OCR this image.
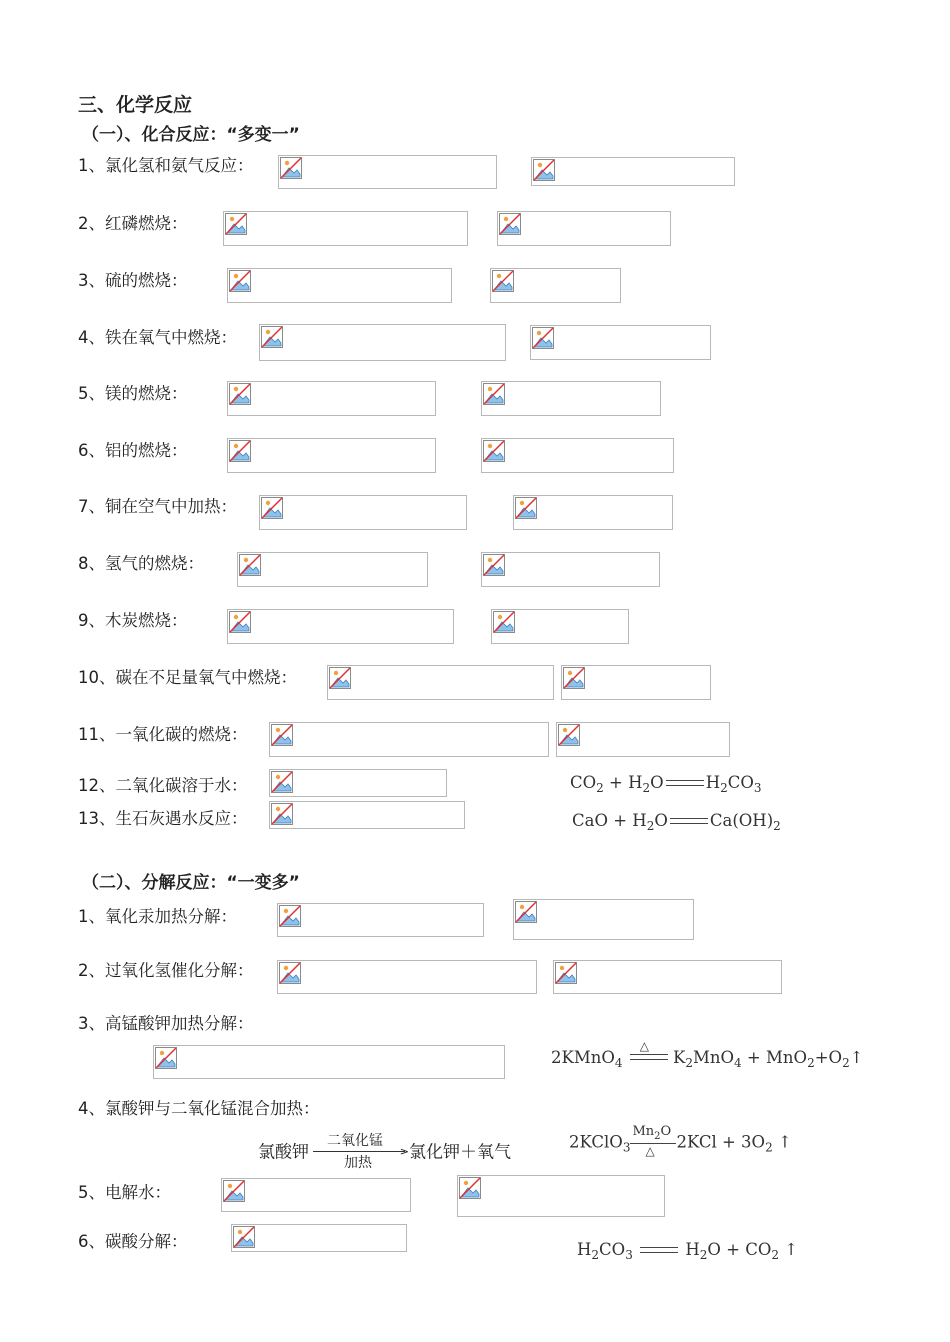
三、化学反应
（一）、化合反应：“多变一”
1、氯化氢和氨气反应：
2、红磷燃烧：
3、硫的燃烧：
4、铁在氧气中燃烧：
5、镁的燃烧：
6、铝的燃烧：
7、铜在空气中加热：
8、氢气的燃烧：
9、木炭燃烧：
10、碳在不足量氧气中燃烧：
11、一氧化碳的燃烧：
12、二氧化碳溶于水：
13、生石灰遇水反应：
（二）、分解反应：“一变多”
1、氧化汞加热分解：
2、过氧化氢催化分解：
3、高锰酸钾加热分解：
4、氯酸钾与二氧化锰混合加热：
5、电解水：
6、碳酸分解：
$CO_2 + H_2O$	$H_2CO_3$
CaO + $H_2O$	$Ca(OH)_2$
2KMnO$_4$
△
$K_2MnO_4$ + $MnO_2+O_2↑$
2KClO$_3$
$Mn_2O$
△ $2KCl + 3O_2$ ↑
$H_2CO_3$	$H_2O + CO_2$ ↑
氯酸钾
二氧化锰
>
加热
氯化钾＋氧气
